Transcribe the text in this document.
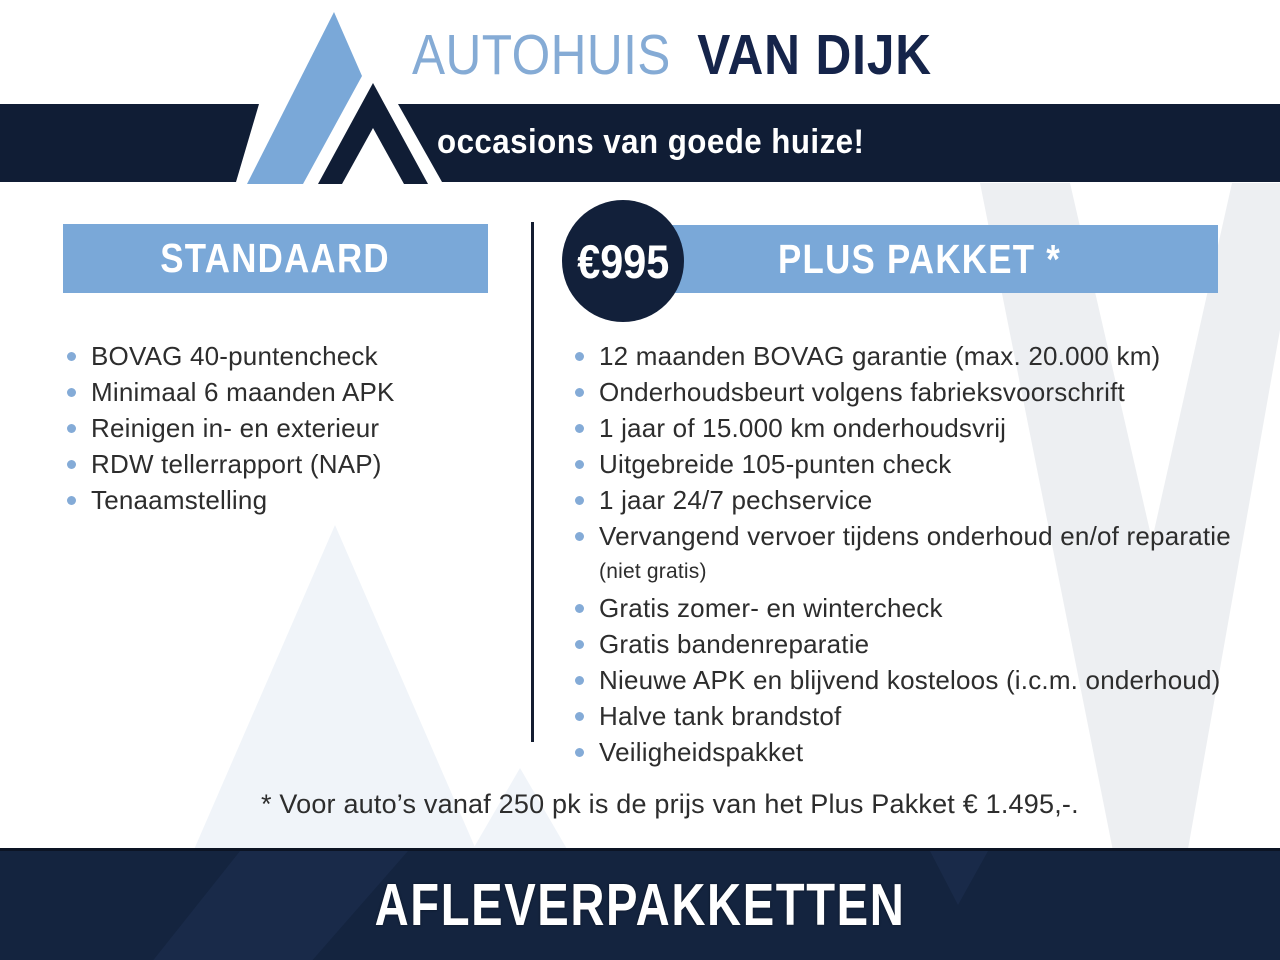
AUTOHUIS VAN DIJK
occasions van goede huize!
STANDAARD	PLUS PAKKET *
€995
BOVAG 40-puntencheck
Minimaal 6 maanden APK
Reinigen in- en exterieur
RDW tellerrapport (NAP)
Tenaamstelling
12 maanden BOVAG garantie (max. 20.000 km)
Onderhoudsbeurt volgens fabrieksvoorschrift
1 jaar of 15.000 km onderhoudsvrij
Uitgebreide 105-punten check
1 jaar 24/7 pechservice
Vervangend vervoer tijdens onderhoud en/of reparatie
(niet gratis)
Gratis zomer- en wintercheck
Gratis bandenreparatie
Nieuwe APK en blijvend kosteloos (i.c.m. onderhoud)
Halve tank brandstof
Veiligheidspakket
* Voor auto’s vanaf 250 pk is de prijs van het Plus Pakket € 1.495,-.
AFLEVERPAKKETTEN
